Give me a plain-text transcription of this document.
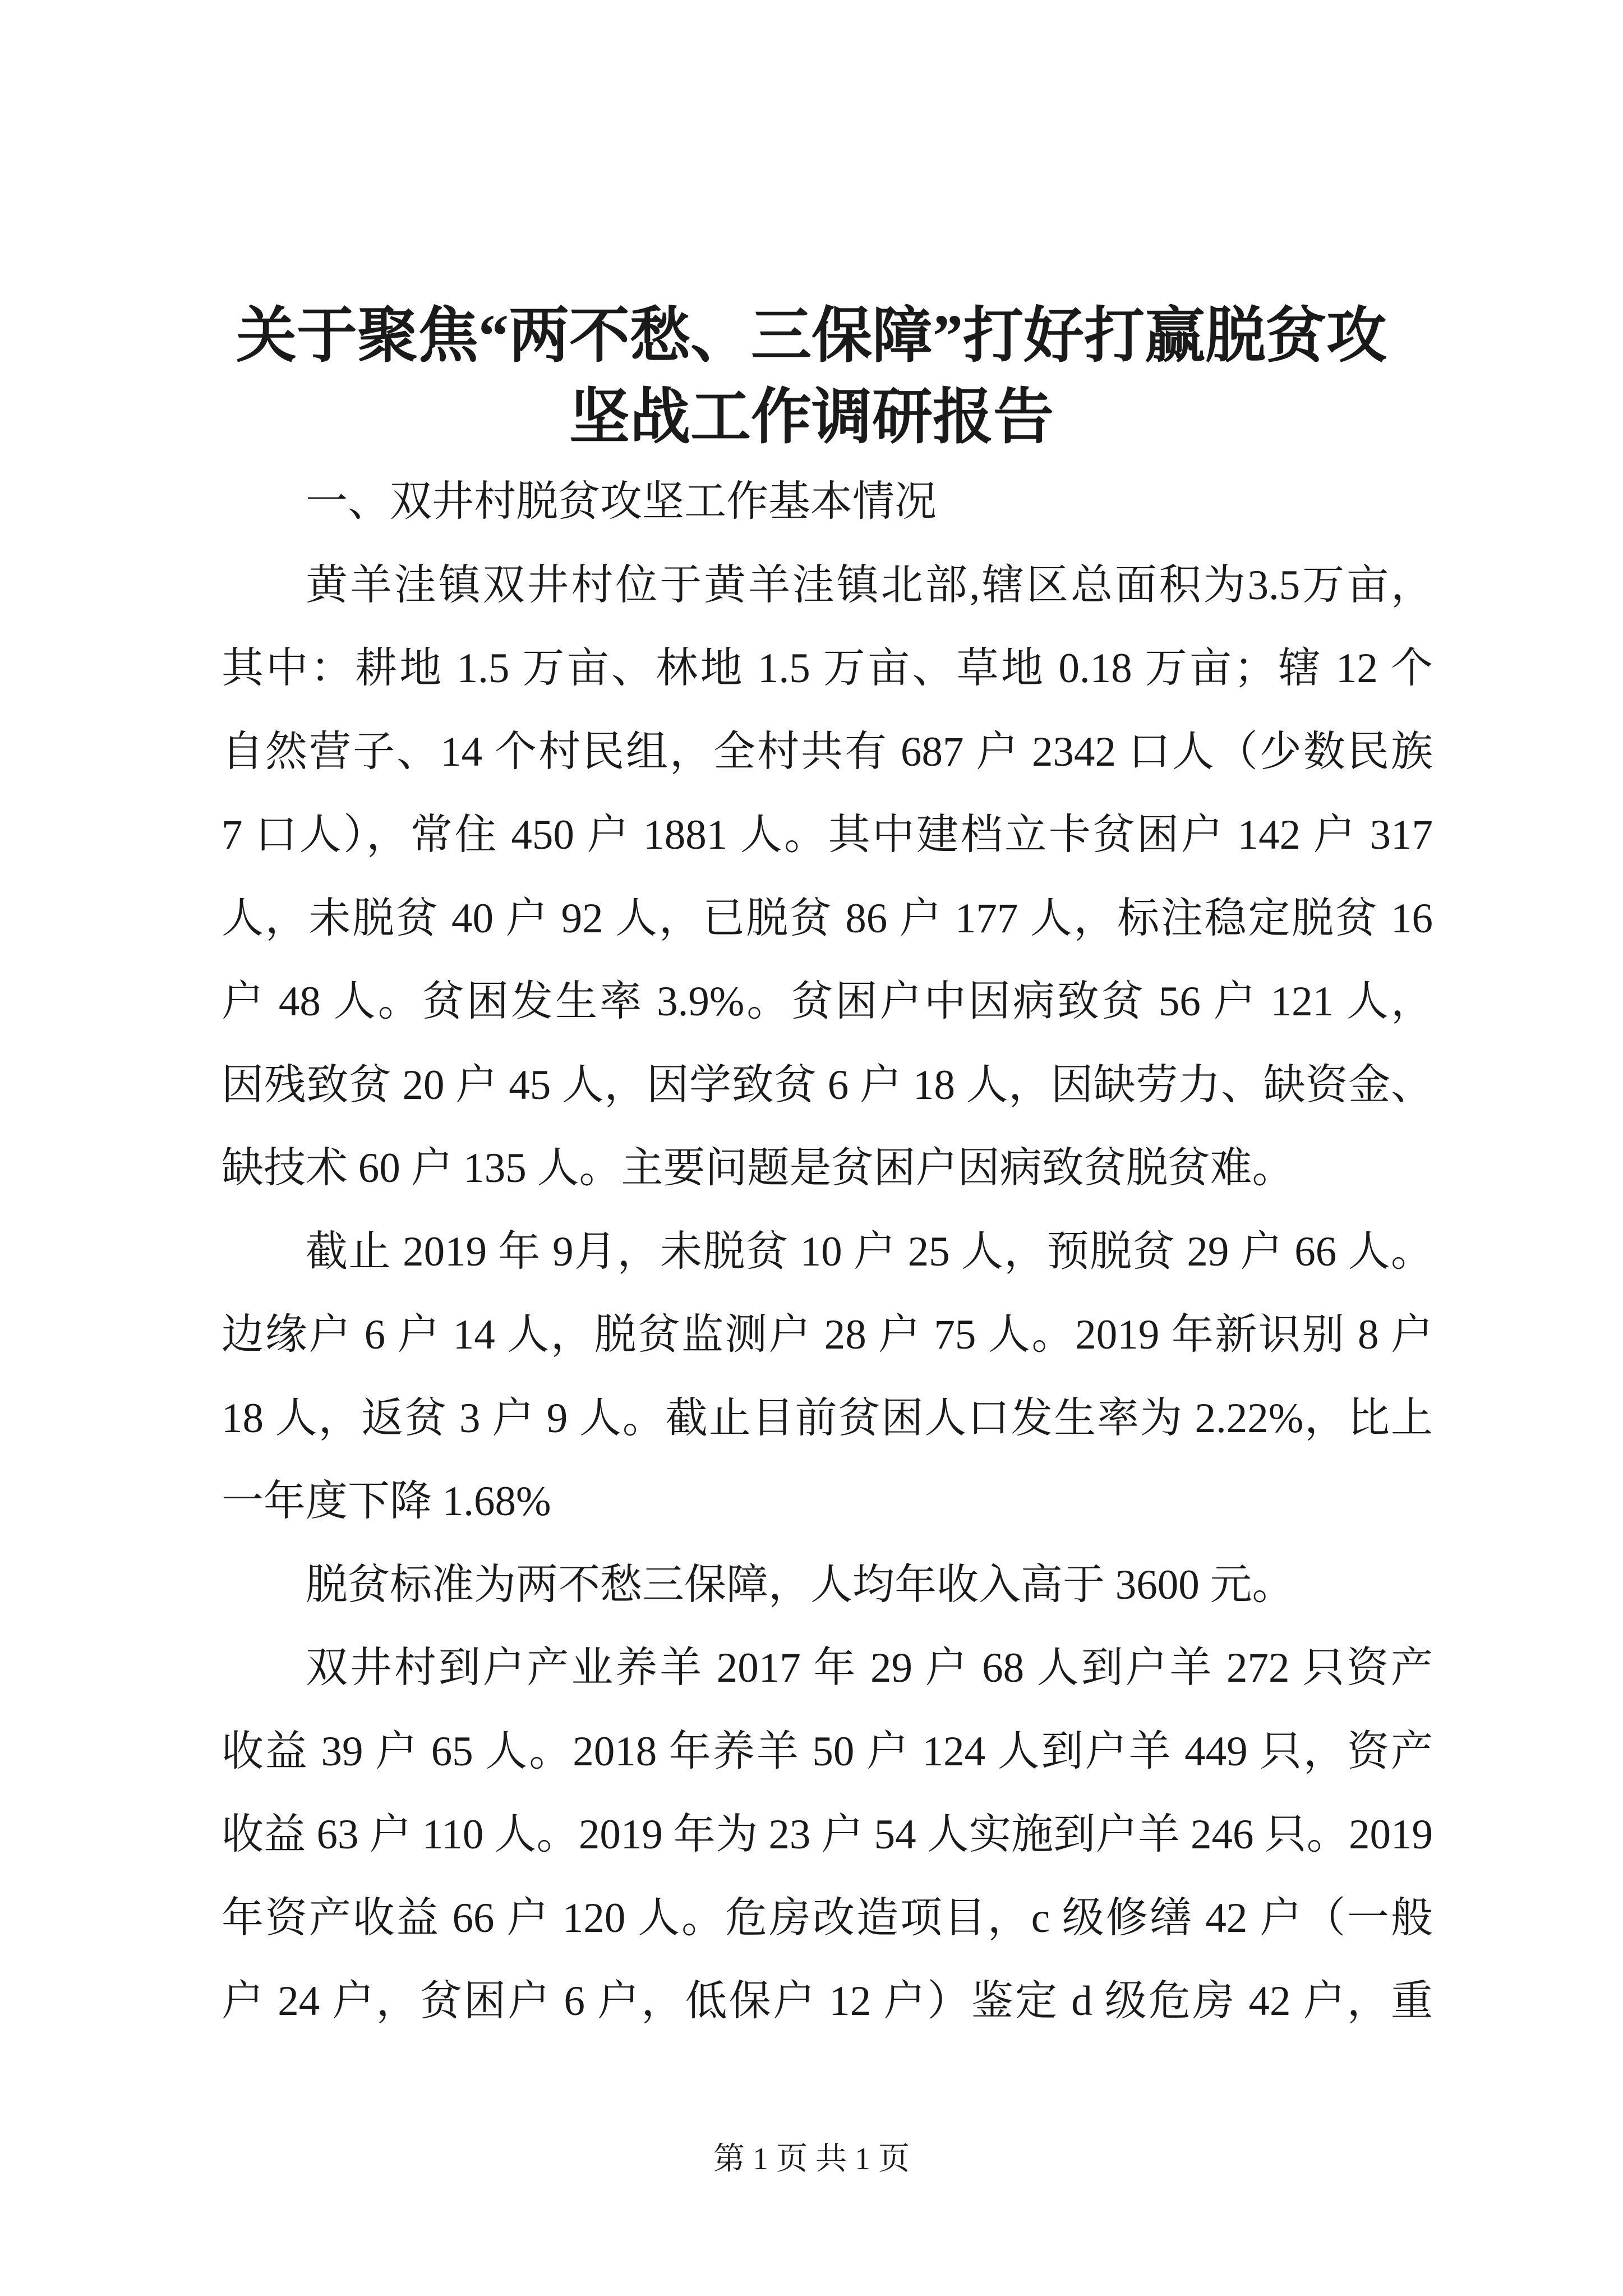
关于聚焦“两不愁、三保障”打好打赢脱贫攻
坚战工作调研报告
一、双井村脱贫攻坚工作基本情况
黄羊洼镇双井村位于黄羊洼镇北部,辖区总面积为3.5万亩，
其中：耕地 1.5 万亩、林地 1.5 万亩、草地 0.18 万亩；辖 12 个
自然营子、14 个村民组，全村共有 687 户 2342 口人（少数民族
7 口人），常住 450 户 1881 人。其中建档立卡贫困户 142 户 317
人，未脱贫 40 户 92 人，已脱贫 86 户 177 人，标注稳定脱贫 16
户 48 人。贫困发生率 3.9%。贫困户中因病致贫 56 户 121 人，
因残致贫 20 户 45 人，因学致贫 6 户 18 人，因缺劳力、缺资金、
缺技术 60 户 135 人。主要问题是贫困户因病致贫脱贫难。
截止 2019 年 9月，未脱贫 10 户 25 人，预脱贫 29 户 66 人。
边缘户 6 户 14 人，脱贫监测户 28 户 75 人。2019 年新识别 8 户
18 人，返贫 3 户 9 人。截止目前贫困人口发生率为 2.22%，比上
一年度下降 1.68%
脱贫标准为两不愁三保障，人均年收入高于 3600 元。
双井村到户产业养羊 2017 年 29 户 68 人到户羊 272 只资产
收益 39 户 65 人。2018 年养羊 50 户 124 人到户羊 449 只，资产
收益 63 户 110 人。2019 年为 23 户 54 人实施到户羊 246 只。2019
年资产收益 66 户 120 人。危房改造项目，c 级修缮 42 户（一般
户 24 户，贫困户 6 户，低保户 12 户）鉴定 d 级危房 42 户，重
第 1 页 共 1 页
